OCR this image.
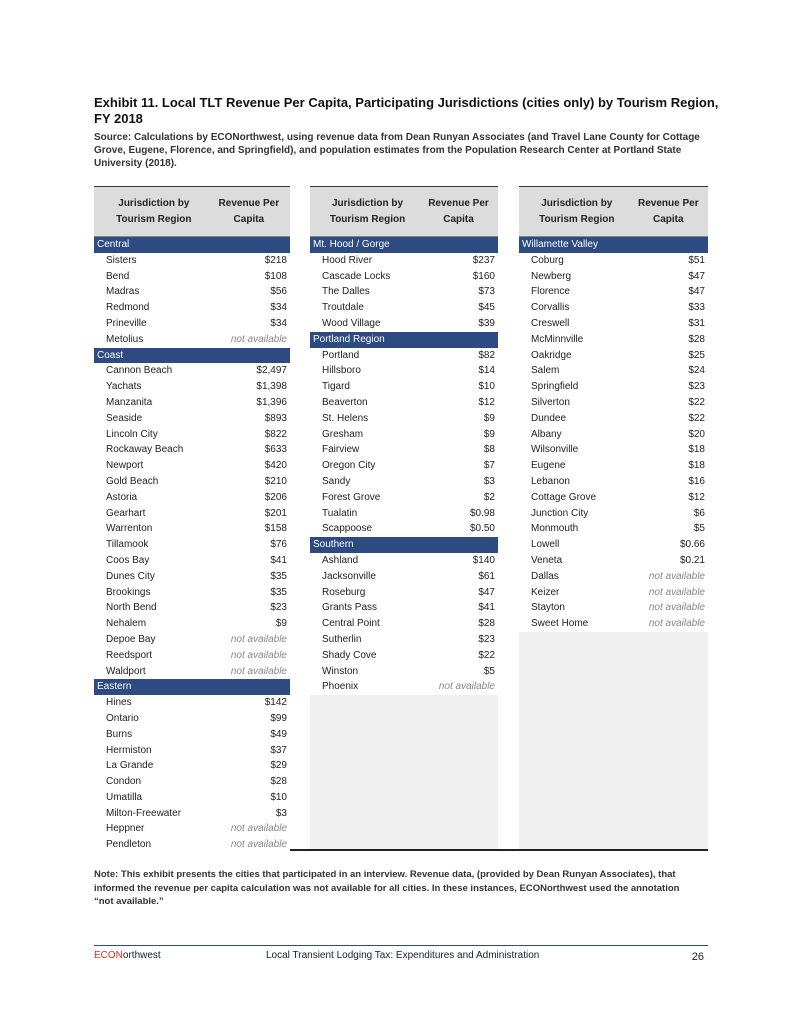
Exhibit 11. Local TLT Revenue Per Capita, Participating Jurisdictions (cities only) by Tourism Region, FY 2018
Source: Calculations by ECONorthwest, using revenue data from Dean Runyan Associates (and Travel Lane County for Cottage Grove, Eugene, Florence, and Springfield), and population estimates from the Population Research Center at Portland State University (2018).
Jurisdiction by Tourism Region
Revenue Per Capita
Central
Sisters	$218
Bend	$108
Madras	$56
Redmond	$34
Prineville	$34
Metolius	not available
Coast
Cannon Beach	$2,497
Yachats	$1,398
Manzanita	$1,396
Seaside	$893
Lincoln City	$822
Rockaway Beach	$633
Newport	$420
Gold Beach	$210
Astoria	$206
Gearhart	$201
Warrenton	$158
Tillamook	$76
Coos Bay	$41
Dunes City	$35
Brookings	$35
North Bend	$23
Nehalem	$9
Depoe Bay	not available
Reedsport	not available
Waldport	not available
Eastern
Hines	$142
Ontario	$99
Burns	$49
Hermiston	$37
La Grande	$29
Condon	$28
Umatilla	$10
Milton-Freewater	$3
Heppner	not available
Pendleton	not available
Jurisdiction by Tourism Region
Revenue Per Capita
Mt. Hood / Gorge
Hood River	$237
Cascade Locks	$160
The Dalles	$73
Troutdale	$45
Wood Village	$39
Portland Region
Portland	$82
Hillsboro	$14
Tigard	$10
Beaverton	$12
St. Helens	$9
Gresham	$9
Fairview	$8
Oregon City	$7
Sandy	$3
Forest Grove	$2
Tualatin	$0.98
Scappoose	$0.50
Southern
Ashland	$140
Jacksonville	$61
Roseburg	$47
Grants Pass	$41
Central Point	$28
Sutherlin	$23
Shady Cove	$22
Winston	$5
Phoenix	not available
Jurisdiction by Tourism Region
Revenue Per Capita
Willamette Valley
Coburg	$51
Newberg	$47
Florence	$47
Corvallis	$33
Creswell	$31
McMinnville	$28
Oakridge	$25
Salem	$24
Springfield	$23
Silverton	$22
Dundee	$22
Albany	$20
Wilsonville	$18
Eugene	$18
Lebanon	$16
Cottage Grove	$12
Junction City	$6
Monmouth	$5
Lowell	$0.66
Veneta	$0.21
Dallas	not available
Keizer	not available
Stayton	not available
Sweet Home	not available
Note: This exhibit presents the cities that participated in an interview. Revenue data, (provided by Dean Runyan Associates), that informed the revenue per capita calculation was not available for all cities. In these instances, ECONorthwest used the annotation “not available.”
ECONorthwest	Local Transient Lodging Tax: Expenditures and Administration	26
